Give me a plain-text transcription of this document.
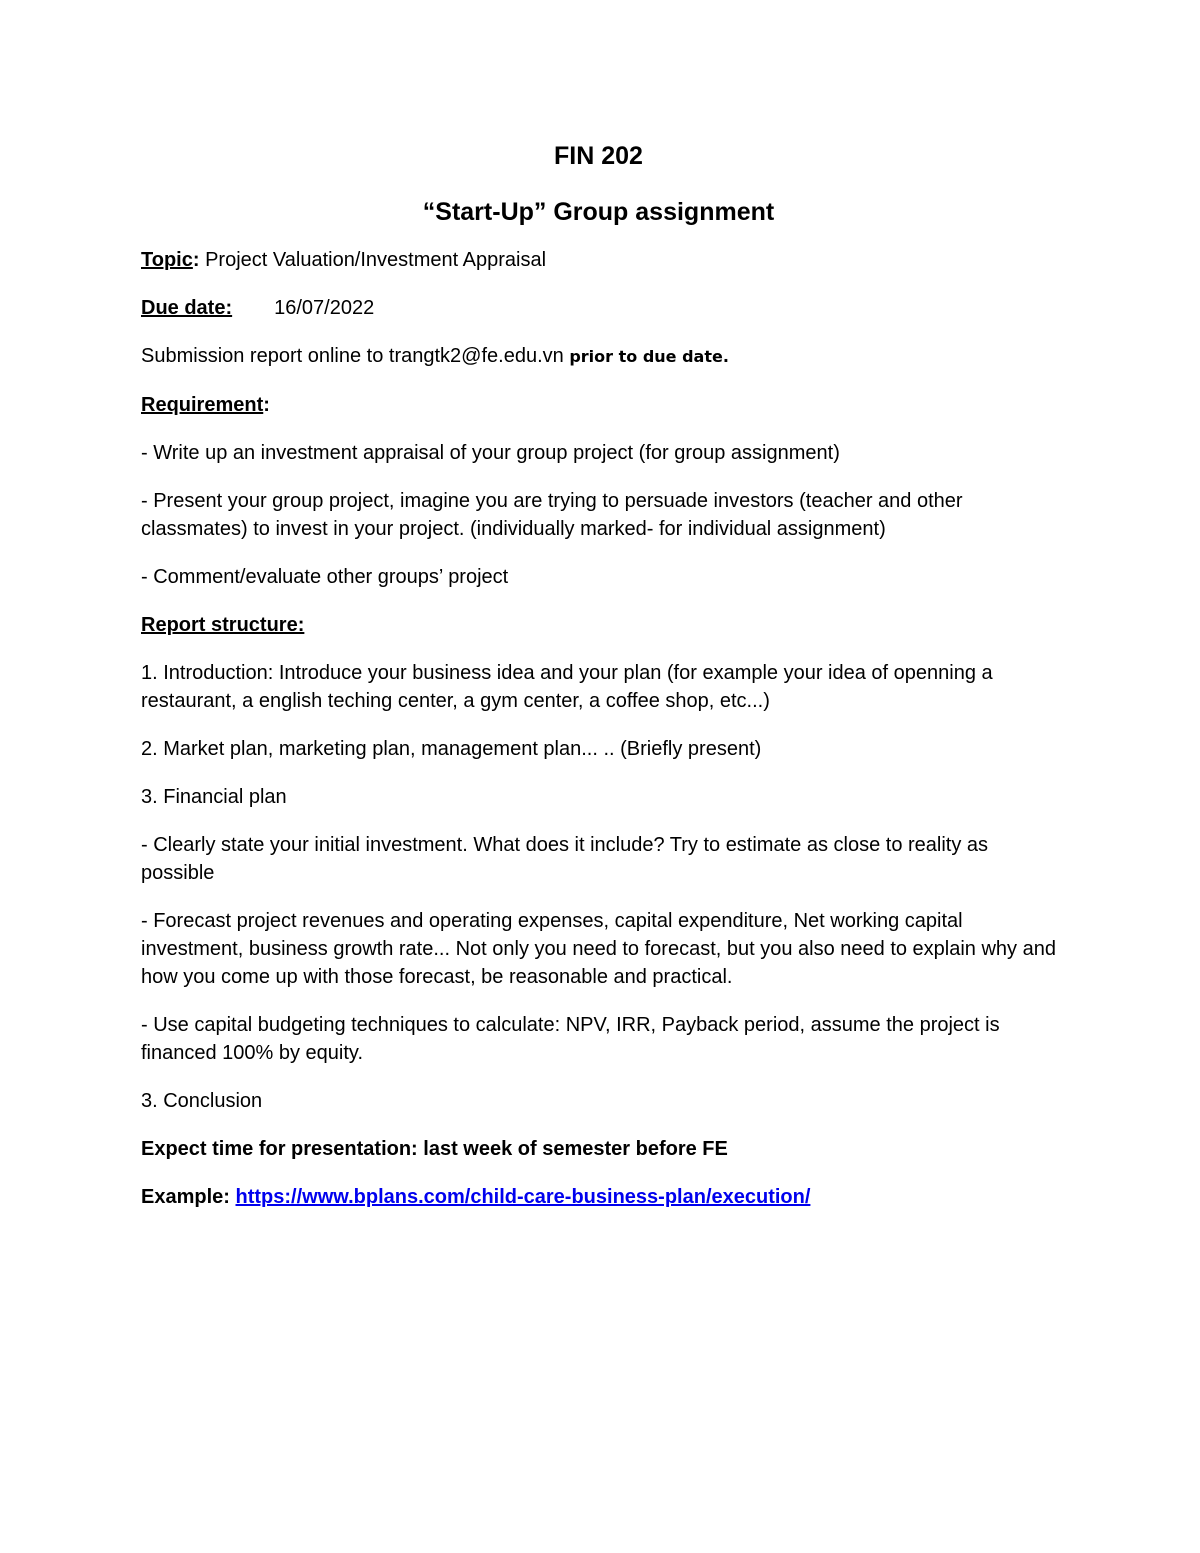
FIN 202
“Start-Up” Group assignment

Topic: Project Valuation/Investment Appraisal

Due date: 16/07/2022

Submission report online to trangtk2@fe.edu.vn prior to due date.

Requirement:

- Write up an investment appraisal of your group project (for group assignment)

- Present your group project, imagine you are trying to persuade investors (teacher and other classmates) to invest in your project. (individually marked- for individual assignment)

- Comment/evaluate other groups’ project

Report structure:

1. Introduction: Introduce your business idea and your plan (for example your idea of openning a restaurant, a english teching center, a gym center, a coffee shop, etc...)

2. Market plan, marketing plan, management plan... .. (Briefly present)

3. Financial plan

- Clearly state your initial investment. What does it include? Try to estimate as close to reality as possible

- Forecast project revenues and operating expenses, capital expenditure, Net working capital investment, business growth rate... Not only you need to forecast, but you also need to explain why and how you come up with those forecast, be reasonable and practical.

- Use capital budgeting techniques to calculate: NPV, IRR, Payback period, assume the project is financed 100% by equity.

3. Conclusion

Expect time for presentation: last week of semester before FE

Example: https://www.bplans.com/child-care-business-plan/execution/
